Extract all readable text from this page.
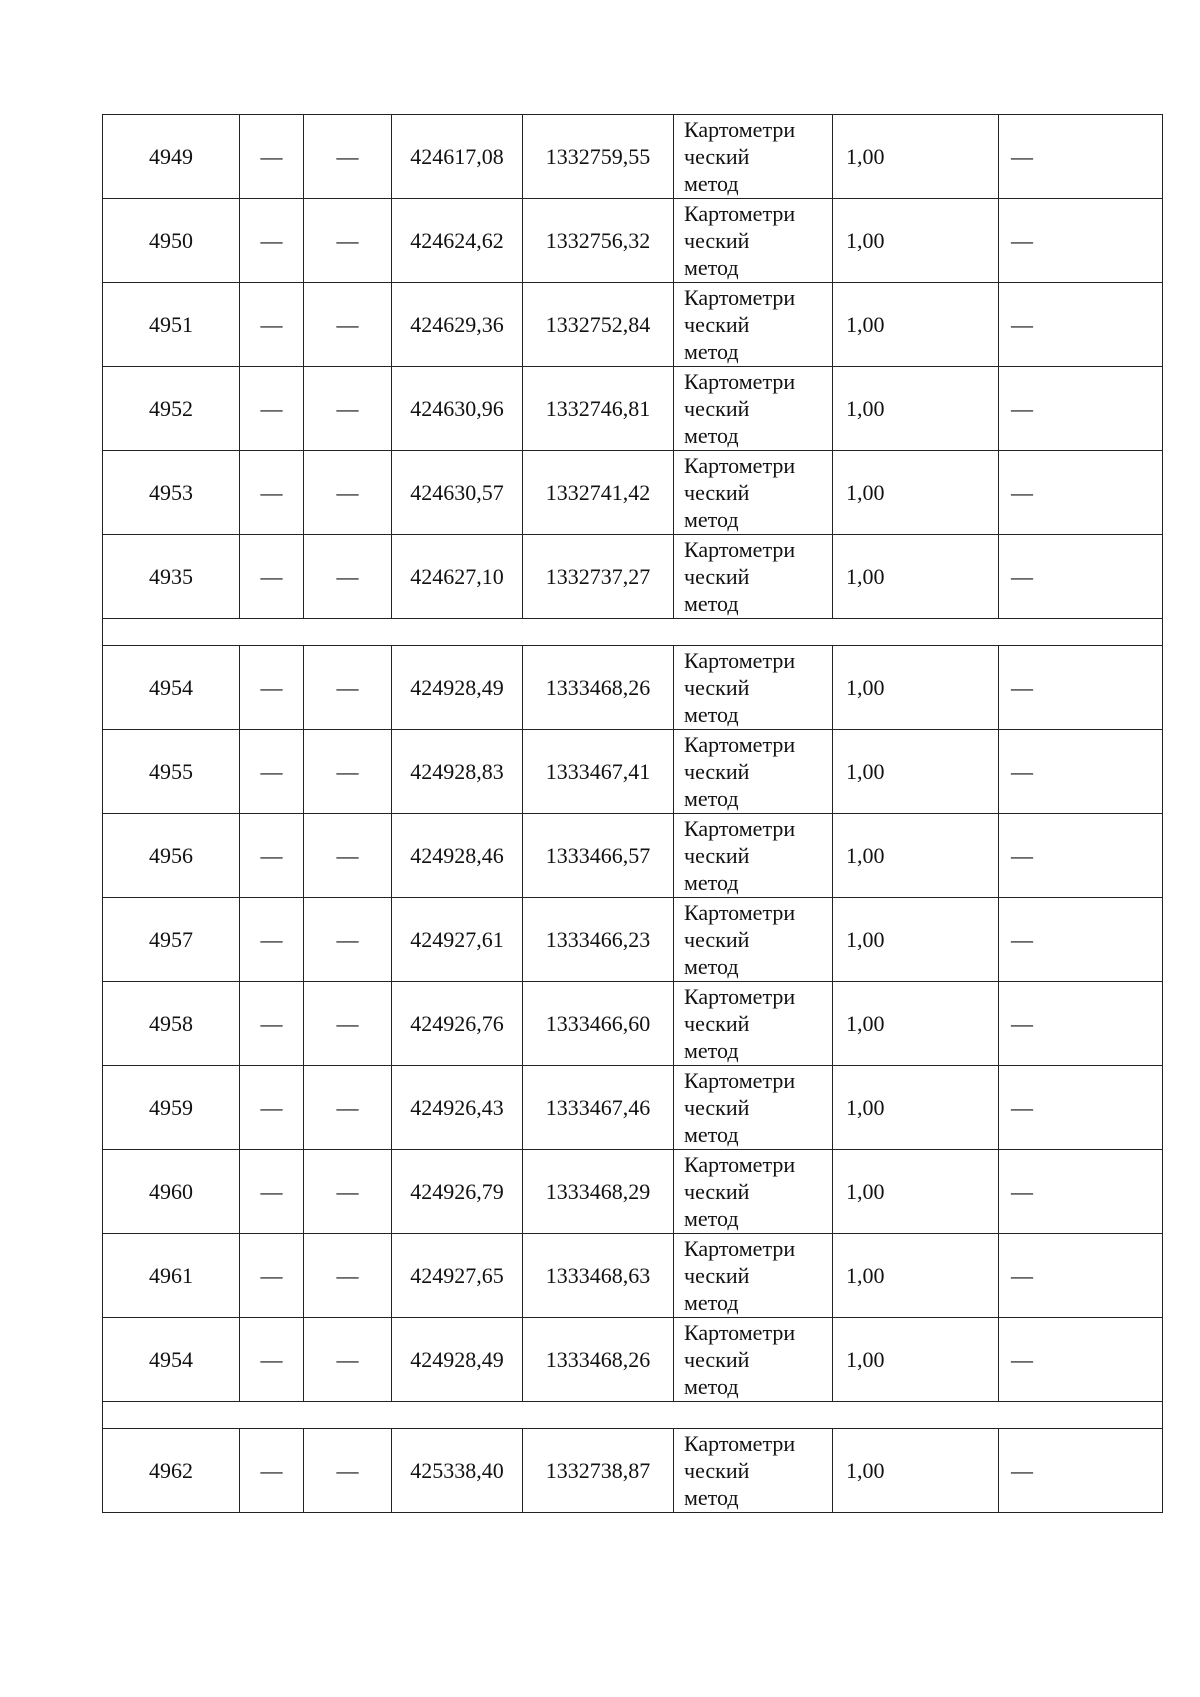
4949	—	—	424617,08	1332759,55	Картометри
ческий
метод	1,00	—
4950	—	—	424624,62	1332756,32	Картометри
ческий
метод	1,00	—
4951	—	—	424629,36	1332752,84	Картометри
ческий
метод	1,00	—
4952	—	—	424630,96	1332746,81	Картометри
ческий
метод	1,00	—
4953	—	—	424630,57	1332741,42	Картометри
ческий
метод	1,00	—
4935	—	—	424627,10	1332737,27	Картометри
ческий
метод	1,00	—

4954	—	—	424928,49	1333468,26	Картометри
ческий
метод	1,00	—
4955	—	—	424928,83	1333467,41	Картометри
ческий
метод	1,00	—
4956	—	—	424928,46	1333466,57	Картометри
ческий
метод	1,00	—
4957	—	—	424927,61	1333466,23	Картометри
ческий
метод	1,00	—
4958	—	—	424926,76	1333466,60	Картометри
ческий
метод	1,00	—
4959	—	—	424926,43	1333467,46	Картометри
ческий
метод	1,00	—
4960	—	—	424926,79	1333468,29	Картометри
ческий
метод	1,00	—
4961	—	—	424927,65	1333468,63	Картометри
ческий
метод	1,00	—
4954	—	—	424928,49	1333468,26	Картометри
ческий
метод	1,00	—

4962	—	—	425338,40	1332738,87	Картометри
ческий
метод	1,00	—
